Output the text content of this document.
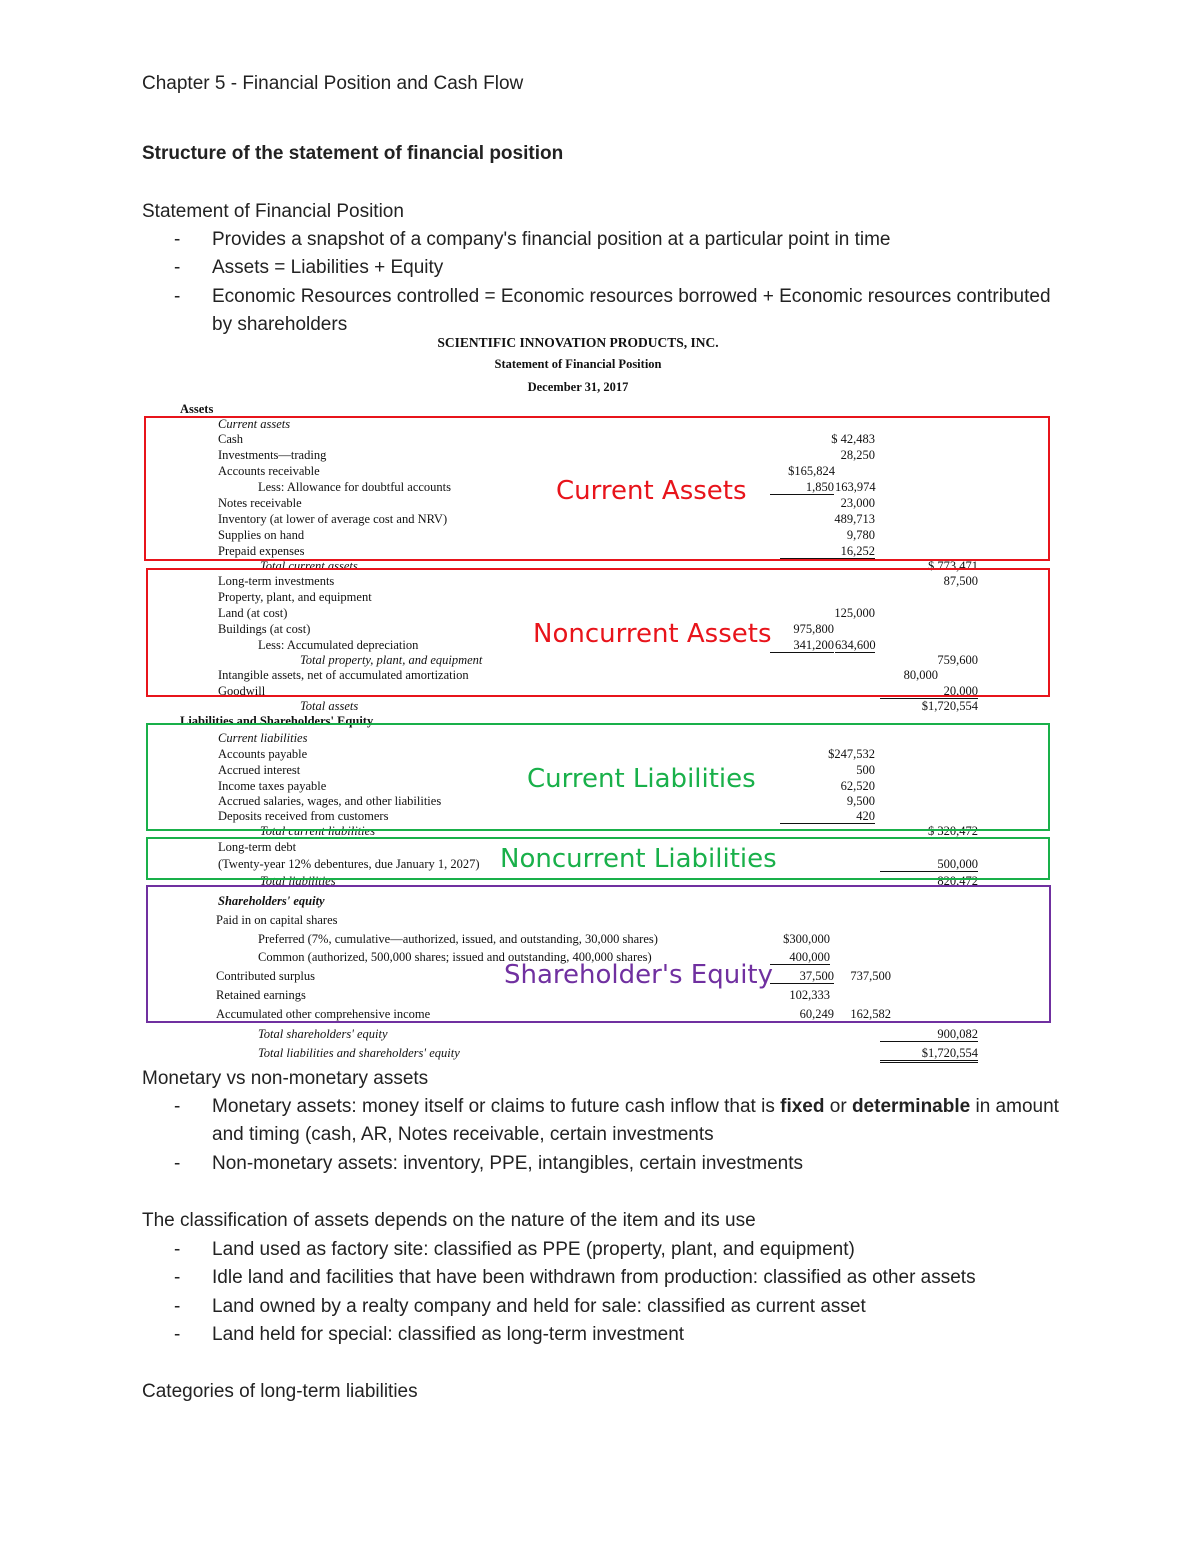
Chapter 5 - Financial Position and Cash Flow
Structure of the statement of financial position
Statement of Financial Position
- Provides a snapshot of a company's financial position at a particular point in time
- Assets = Liabilities + Equity
- Economic Resources controlled = Economic resources borrowed + Economic resources contributed by shareholders
SCIENTIFIC INNOVATION PRODUCTS, INC.
Statement of Financial Position
December 31, 2017
Assets
Current assets
Cash	$ 42,483
Investments—trading	28,250
Accounts receivable	$165,824
Less: Allowance for doubtful accounts	1,850 163,974
Notes receivable	23,000
Inventory (at lower of average cost and NRV)	489,713
Supplies on hand	9,780
Prepaid expenses	16,252
Total current assets	$ 773,471
Long-term investments	87,500
Property, plant, and equipment
Land (at cost)	125,000
Buildings (at cost)	975,800
Less: Accumulated depreciation	341,200 634,600
Total property, plant, and equipment	759,600
Intangible assets, net of accumulated amortization	80,000
Goodwill	20,000
Total assets	$1,720,554
Liabilities and Shareholders' Equity
Current liabilities
Accounts payable	$247,532
Accrued interest	500
Income taxes payable	62,520
Accrued salaries, wages, and other liabilities	9,500
Deposits received from customers	420
Total current liabilities	$ 320,472
Long-term debt
(Twenty-year 12% debentures, due January 1, 2027)	500,000
Total liabilities	820,472
Shareholders' equity
Paid in on capital shares
Preferred (7%, cumulative—authorized, issued, and outstanding, 30,000 shares)	$300,000
Common (authorized, 500,000 shares; issued and outstanding, 400,000 shares)	400,000
Contributed surplus	37,500	737,500
Retained earnings	102,333
Accumulated other comprehensive income	60,249	162,582
Total shareholders' equity	900,082
Total liabilities and shareholders' equity	$1,720,554
Current Assets
Noncurrent Assets
Current Liabilities
Noncurrent Liabilities
Shareholder's Equity
Monetary vs non-monetary assets
- Monetary assets: money itself or claims to future cash inflow that is fixed or determinable in amount and timing (cash, AR, Notes receivable, certain investments
- Non-monetary assets: inventory, PPE, intangibles, certain investments
The classification of assets depends on the nature of the item and its use
- Land used as factory site: classified as PPE (property, plant, and equipment)
- Idle land and facilities that have been withdrawn from production: classified as other assets
- Land owned by a realty company and held for sale: classified as current asset
- Land held for special: classified as long-term investment
Categories of long-term liabilities
